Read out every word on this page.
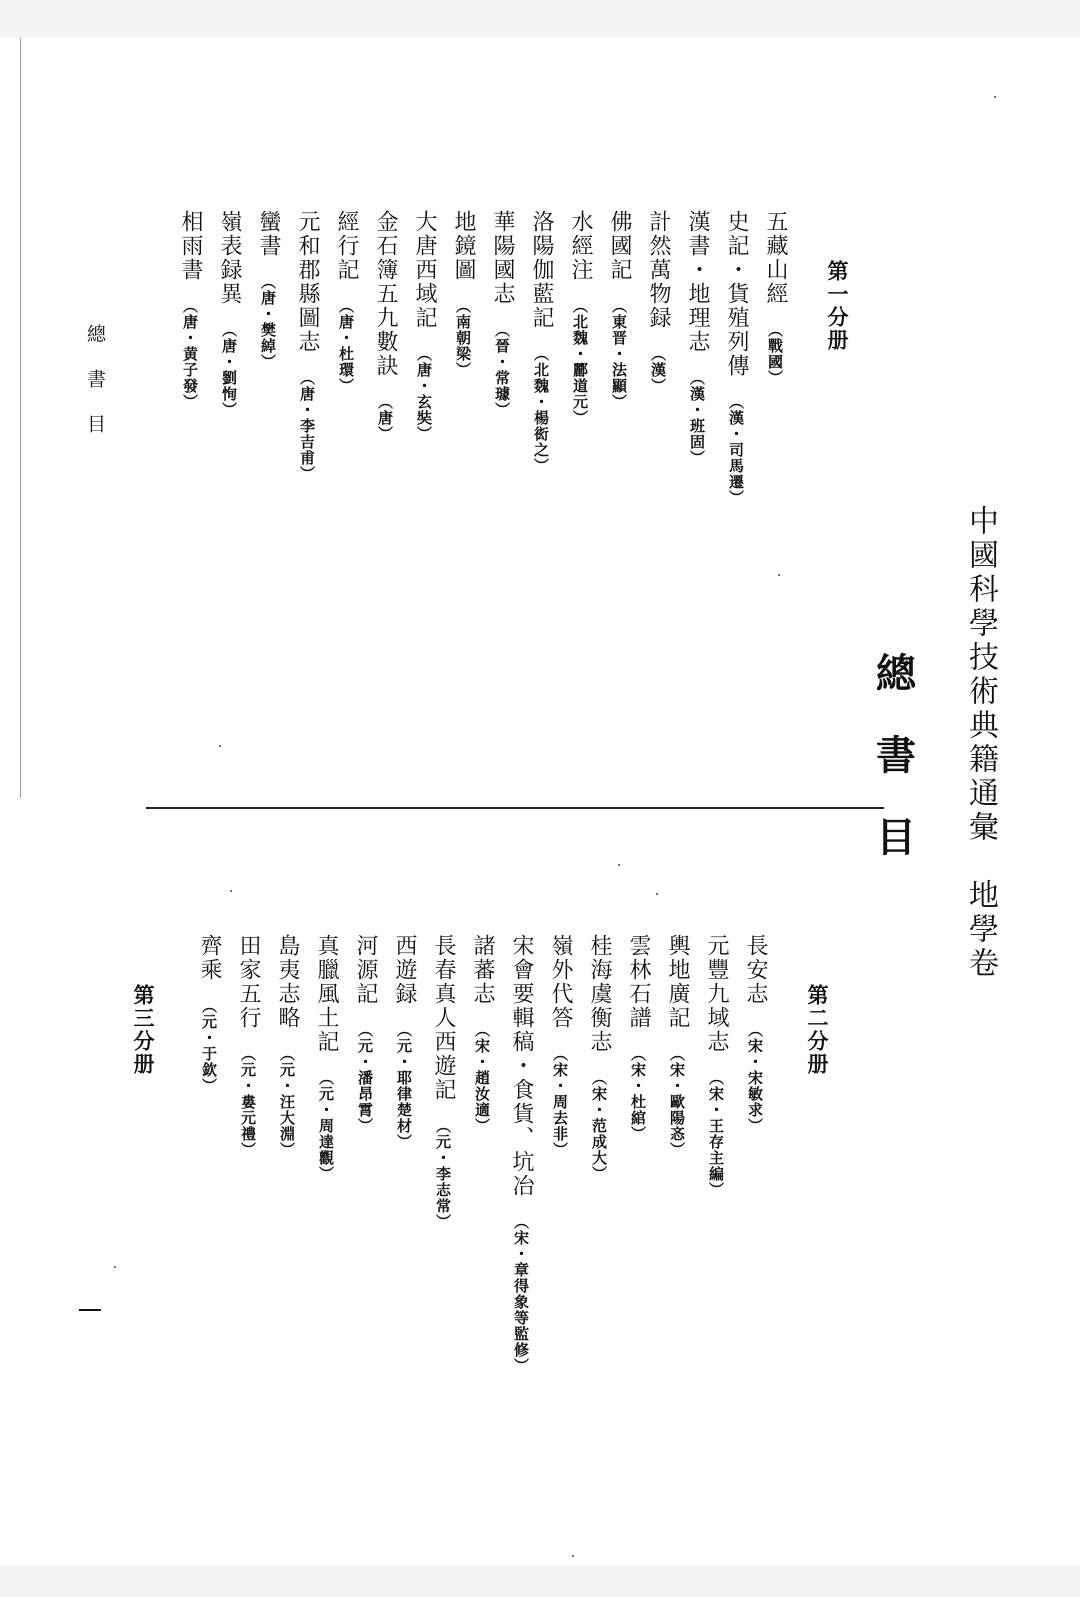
中國科學技術典籍通彙　地學卷
總
書
目
第一分册
五藏山經（戰國）
史記・貨殖列傳（漢・司馬遷）
漢書・地理志（漢・班固）
計然萬物録（漢）
佛國記（東晋・法顯）
水經注（北魏・酈道元）
洛陽伽藍記（北魏・楊衒之）
華陽國志（晉・常璩）
地鏡圖（南朝梁）
大唐西域記（唐・玄奘）
金石簿五九數訣（唐）
經行記（唐・杜環）
元和郡縣圖志（唐・李吉甫）
蠻書（唐・樊綽）
嶺表録異（唐・劉恂）
相雨書（唐・黄子發）
總書目
第二分册
長安志（宋・宋敏求）
元豐九域志（宋・王存主編）
輿地廣記（宋・歐陽忞）
雲林石譜（宋・杜綰）
桂海虞衡志（宋・范成大）
嶺外代答（宋・周去非）
宋會要輯稿・食貨、坑冶（宋・章得象等監修）
諸蕃志（宋・趙汝適）
長春真人西遊記（元・李志常）
西遊録（元・耶律楚材）
河源記（元・潘昂霄）
真臘風土記（元・周達觀）
島夷志略（元・汪大淵）
田家五行（元・婁元禮）
齊乘（元・于欽）
第三分册
